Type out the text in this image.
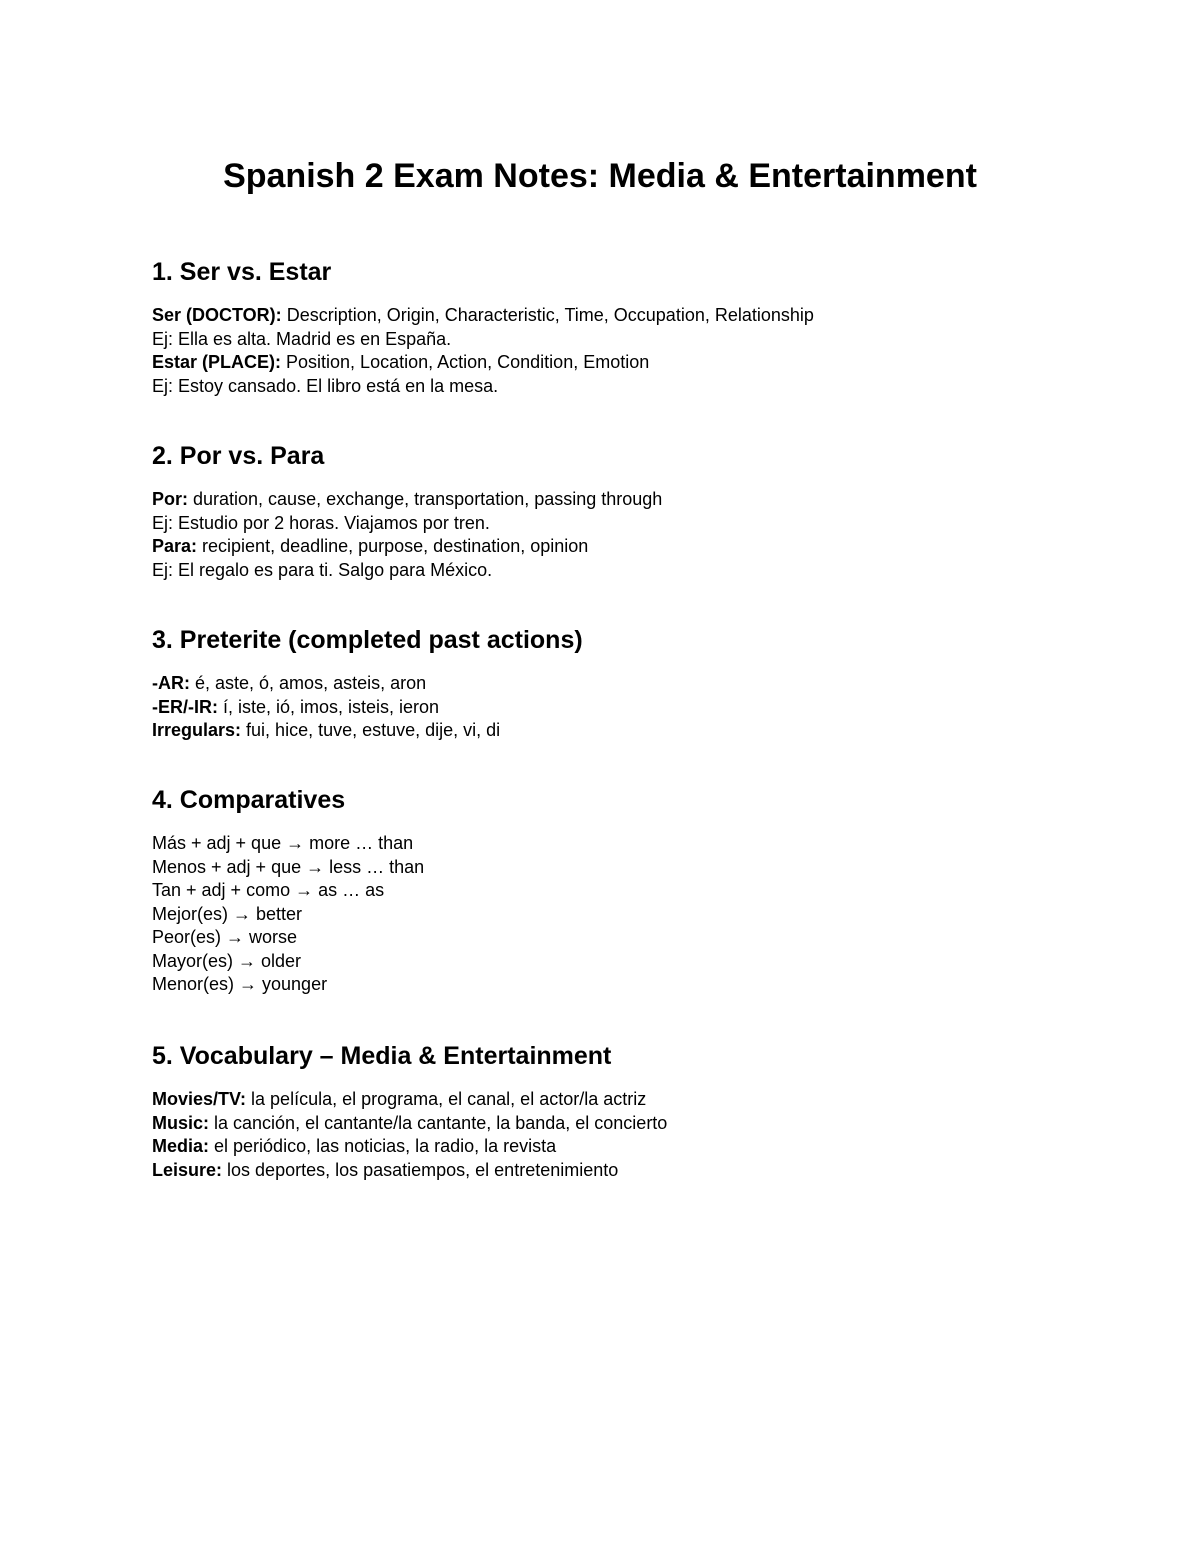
Spanish 2 Exam Notes: Media & Entertainment
1. Ser vs. Estar
Ser (DOCTOR): Description, Origin, Characteristic, Time, Occupation, Relationship
Ej: Ella es alta. Madrid es en España.
Estar (PLACE): Position, Location, Action, Condition, Emotion
Ej: Estoy cansado. El libro está en la mesa.
2. Por vs. Para
Por: duration, cause, exchange, transportation, passing through
Ej: Estudio por 2 horas. Viajamos por tren.
Para: recipient, deadline, purpose, destination, opinion
Ej: El regalo es para ti. Salgo para México.
3. Preterite (completed past actions)
-AR: é, aste, ó, amos, asteis, aron
-ER/-IR: í, iste, ió, imos, isteis, ieron
Irregulars: fui, hice, tuve, estuve, dije, vi, di
4. Comparatives
Más + adj + que → more … than
Menos + adj + que → less … than
Tan + adj + como → as … as
Mejor(es) → better
Peor(es) → worse
Mayor(es) → older
Menor(es) → younger
5. Vocabulary – Media & Entertainment
Movies/TV: la película, el programa, el canal, el actor/la actriz
Music: la canción, el cantante/la cantante, la banda, el concierto
Media: el periódico, las noticias, la radio, la revista
Leisure: los deportes, los pasatiempos, el entretenimiento
